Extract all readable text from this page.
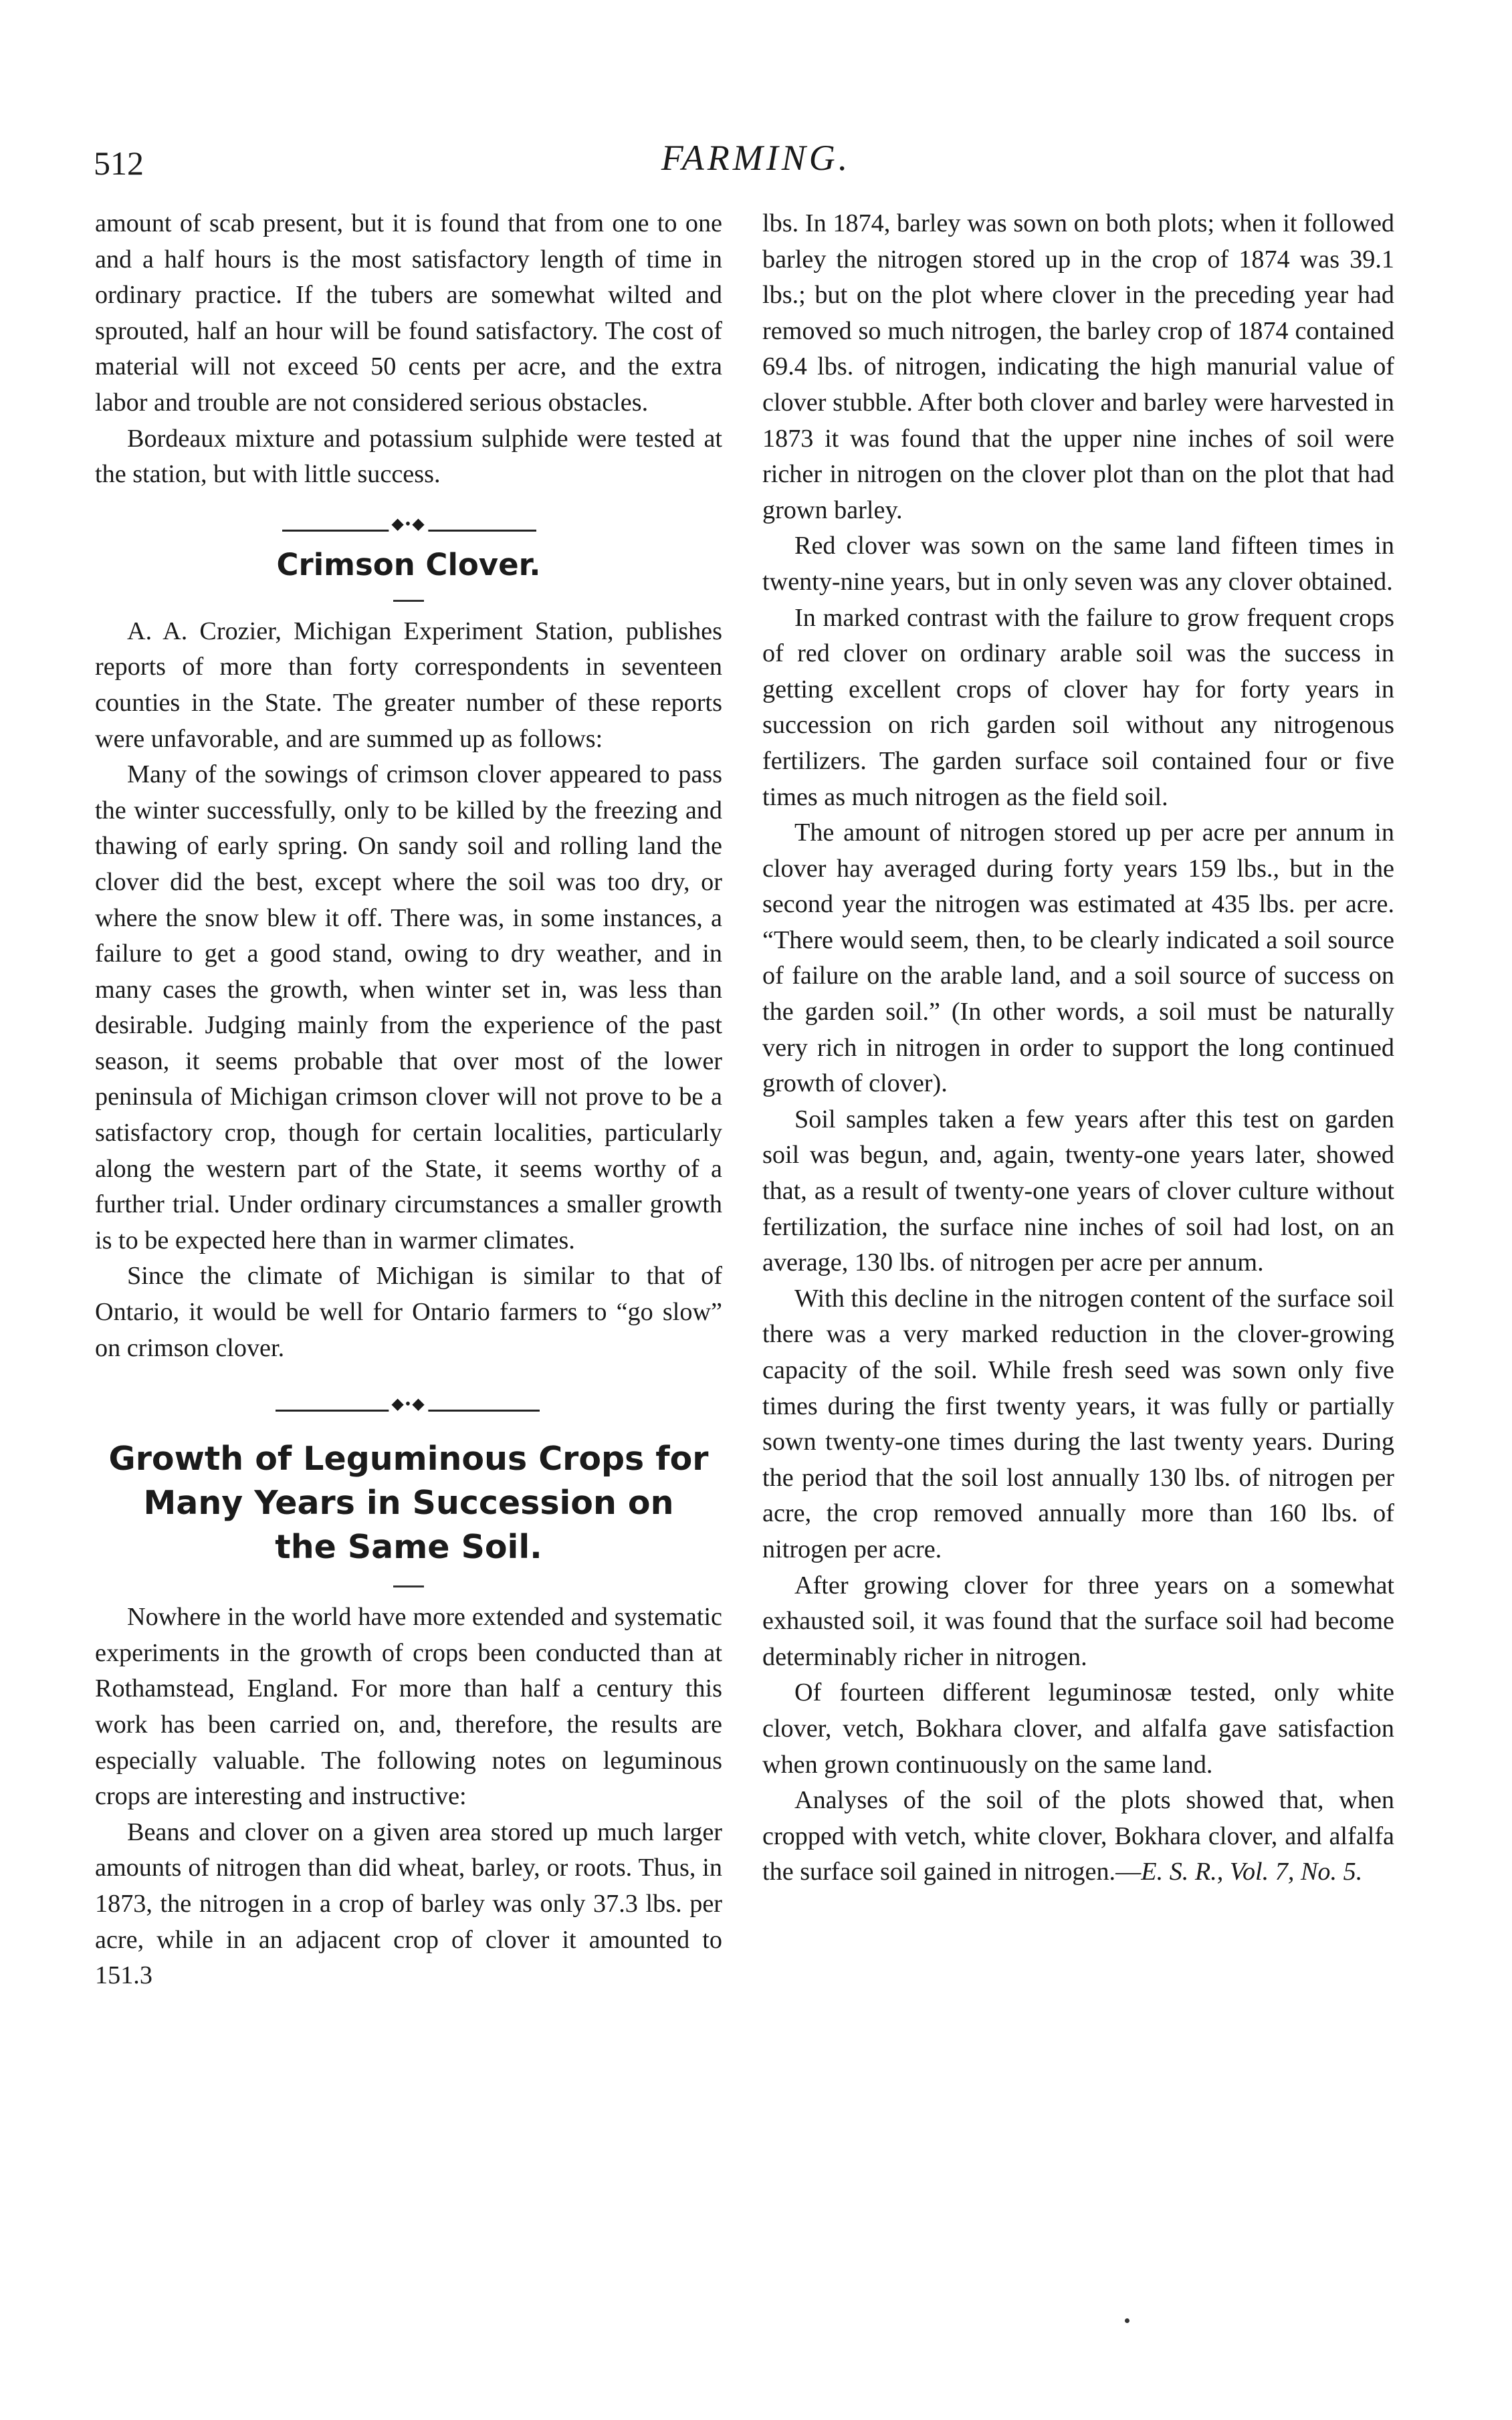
512	FARMING.

amount of scab present, but it is found that from one to one and a half hours is the most satisfactory length of time in ordinary practice. If the tubers are somewhat wilted and sprouted, half an hour will be found satisfactory. The cost of material will not exceed 50 cents per acre, and the extra labor and trouble are not considered serious obstacles.

Bordeaux mixture and potassium sulphide were tested at the station, but with little success.

◆•◆
Crimson Clover.

A. A. Crozier, Michigan Experiment Station, publishes reports of more than forty correspondents in seventeen counties in the State. The greater number of these reports were unfavorable, and are summed up as follows:

Many of the sowings of crimson clover appeared to pass the winter successfully, only to be killed by the freezing and thawing of early spring. On sandy soil and rolling land the clover did the best, except where the soil was too dry, or where the snow blew it off. There was, in some instances, a failure to get a good stand, owing to dry weather, and in many cases the growth, when winter set in, was less than desirable. Judging mainly from the experience of the past season, it seems probable that over most of the lower peninsula of Michigan crimson clover will not prove to be a satisfactory crop, though for certain localities, particularly along the western part of the State, it seems worthy of a further trial. Under ordinary circumstances a smaller growth is to be expected here than in warmer climates.

Since the climate of Michigan is similar to that of Ontario, it would be well for Ontario farmers to “go slow” on crimson clover.

◆•◆
Growth of Leguminous Crops for
Many Years in Succession on
the Same Soil.

Nowhere in the world have more extended and systematic experiments in the growth of crops been conducted than at Rothamstead, England. For more than half a century this work has been carried on, and, therefore, the results are especially valuable. The following notes on leguminous crops are interesting and instructive:

Beans and clover on a given area stored up much larger amounts of nitrogen than did wheat, barley, or roots. Thus, in 1873, the nitrogen in a crop of barley was only 37.3 lbs. per acre, while in an adjacent crop of clover it amounted to 151.3

lbs. In 1874, barley was sown on both plots; when it followed barley the nitrogen stored up in the crop of 1874 was 39.1 lbs.; but on the plot where clover in the preceding year had removed so much nitrogen, the barley crop of 1874 contained 69.4 lbs. of nitrogen, indicating the high manurial value of clover stubble. After both clover and barley were harvested in 1873 it was found that the upper nine inches of soil were richer in nitrogen on the clover plot than on the plot that had grown barley.

Red clover was sown on the same land fifteen times in twenty-nine years, but in only seven was any clover obtained.

In marked contrast with the failure to grow frequent crops of red clover on ordinary arable soil was the success in getting excellent crops of clover hay for forty years in succession on rich garden soil without any nitrogenous fertilizers. The garden surface soil contained four or five times as much nitrogen as the field soil.

The amount of nitrogen stored up per acre per annum in clover hay averaged during forty years 159 lbs., but in the second year the nitrogen was estimated at 435 lbs. per acre. “There would seem, then, to be clearly indicated a soil source of failure on the arable land, and a soil source of success on the garden soil.” (In other words, a soil must be naturally very rich in nitrogen in order to support the long continued growth of clover).

Soil samples taken a few years after this test on garden soil was begun, and, again, twenty-one years later, showed that, as a result of twenty-one years of clover culture without fertilization, the surface nine inches of soil had lost, on an average, 130 lbs. of nitrogen per acre per annum.

With this decline in the nitrogen content of the surface soil there was a very marked reduction in the clover-growing capacity of the soil. While fresh seed was sown only five times during the first twenty years, it was fully or partially sown twenty-one times during the last twenty years. During the period that the soil lost annually 130 lbs. of nitrogen per acre, the crop removed annually more than 160 lbs. of nitrogen per acre.

After growing clover for three years on a somewhat exhausted soil, it was found that the surface soil had become determinably richer in nitrogen.

Of fourteen different leguminosæ tested, only white clover, vetch, Bokhara clover, and alfalfa gave satisfaction when grown continuously on the same land.

Analyses of the soil of the plots showed that, when cropped with vetch, white clover, Bokhara clover, and alfalfa the surface soil gained in nitrogen.—E. S. R., Vol. 7, No. 5.
